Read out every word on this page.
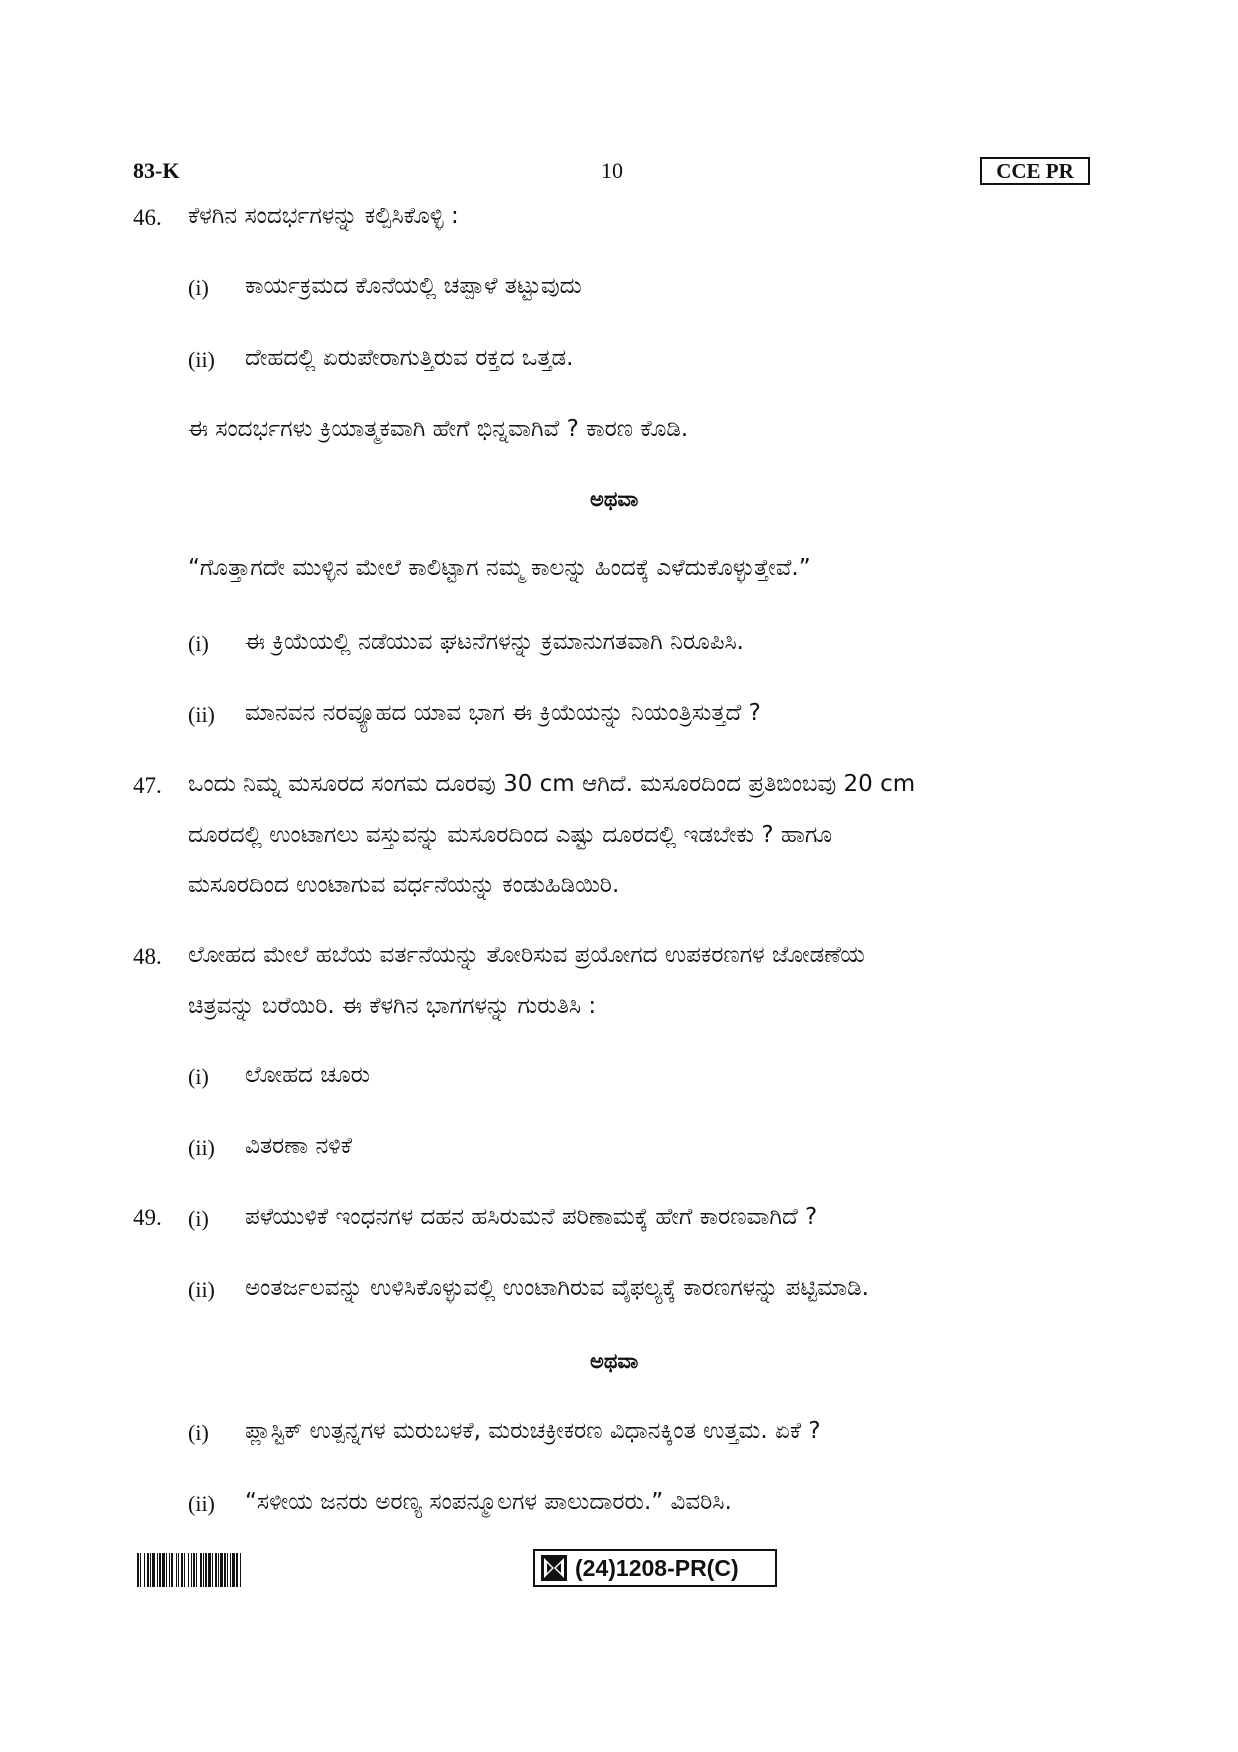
83-K	10	CCE PR
46. ಕೆಳಗಿನ ಸಂದರ್ಭಗಳನ್ನು ಕಲ್ಪಿಸಿಕೊಳ್ಳಿ :
(i) ಕಾರ್ಯಕ್ರಮದ ಕೊನೆಯಲ್ಲಿ ಚಪ್ಪಾಳೆ ತಟ್ಟುವುದು
(ii) ದೇಹದಲ್ಲಿ ಏರುಪೇರಾಗುತ್ತಿರುವ ರಕ್ತದ ಒತ್ತಡ.
ಈ ಸಂದರ್ಭಗಳು ಕ್ರಿಯಾತ್ಮಕವಾಗಿ ಹೇಗೆ ಭಿನ್ನವಾಗಿವೆ ? ಕಾರಣ ಕೊಡಿ.
ಅಥವಾ
“ಗೊತ್ತಾಗದೇ ಮುಳ್ಳಿನ ಮೇಲೆ ಕಾಲಿಟ್ಟಾಗ ನಮ್ಮ ಕಾಲನ್ನು ಹಿಂದಕ್ಕೆ ಎಳೆದುಕೊಳ್ಳುತ್ತೇವೆ.”
(i) ಈ ಕ್ರಿಯೆಯಲ್ಲಿ ನಡೆಯುವ ಘಟನೆಗಳನ್ನು ಕ್ರಮಾನುಗತವಾಗಿ ನಿರೂಪಿಸಿ.
(ii) ಮಾನವನ ನರವ್ಯೂಹದ ಯಾವ ಭಾಗ ಈ ಕ್ರಿಯೆಯನ್ನು ನಿಯಂತ್ರಿಸುತ್ತದೆ ?
47. ಒಂದು ನಿಮ್ನ ಮಸೂರದ ಸಂಗಮ ದೂರವು 30 cm ಆಗಿದೆ. ಮಸೂರದಿಂದ ಪ್ರತಿಬಿಂಬವು 20 cm
ದೂರದಲ್ಲಿ ಉಂಟಾಗಲು ವಸ್ತುವನ್ನು ಮಸೂರದಿಂದ ಎಷ್ಟು ದೂರದಲ್ಲಿ ಇಡಬೇಕು ? ಹಾಗೂ
ಮಸೂರದಿಂದ ಉಂಟಾಗುವ ವರ್ಧನೆಯನ್ನು ಕಂಡುಹಿಡಿಯಿರಿ.
48. ಲೋಹದ ಮೇಲೆ ಹಬೆಯ ವರ್ತನೆಯನ್ನು ತೋರಿಸುವ ಪ್ರಯೋಗದ ಉಪಕರಣಗಳ ಜೋಡಣೆಯ
ಚಿತ್ರವನ್ನು ಬರೆಯಿರಿ. ಈ ಕೆಳಗಿನ ಭಾಗಗಳನ್ನು ಗುರುತಿಸಿ :
(i) ಲೋಹದ ಚೂರು
(ii) ವಿತರಣಾ ನಳಿಕೆ
49. (i) ಪಳೆಯುಳಿಕೆ ಇಂಧನಗಳ ದಹನ ಹಸಿರುಮನೆ ಪರಿಣಾಮಕ್ಕೆ ಹೇಗೆ ಕಾರಣವಾಗಿದೆ ?
(ii) ಅಂತರ್ಜಲವನ್ನು ಉಳಿಸಿಕೊಳ್ಳುವಲ್ಲಿ ಉಂಟಾಗಿರುವ ವೈಫಲ್ಯಕ್ಕೆ ಕಾರಣಗಳನ್ನು ಪಟ್ಟಿಮಾಡಿ.
ಅಥವಾ
(i) ಪ್ಲಾಸ್ಟಿಕ್ ಉತ್ಪನ್ನಗಳ ಮರುಬಳಕೆ, ಮರುಚಕ್ರೀಕರಣ ವಿಧಾನಕ್ಕಿಂತ ಉತ್ತಮ. ಏಕೆ ?
(ii) “ಸಳೀಯ ಜನರು ಅರಣ್ಯ ಸಂಪನ್ಮೂಲಗಳ ಪಾಲುದಾರರು.” ವಿವರಿಸಿ.
(24)1208-PR(C)
